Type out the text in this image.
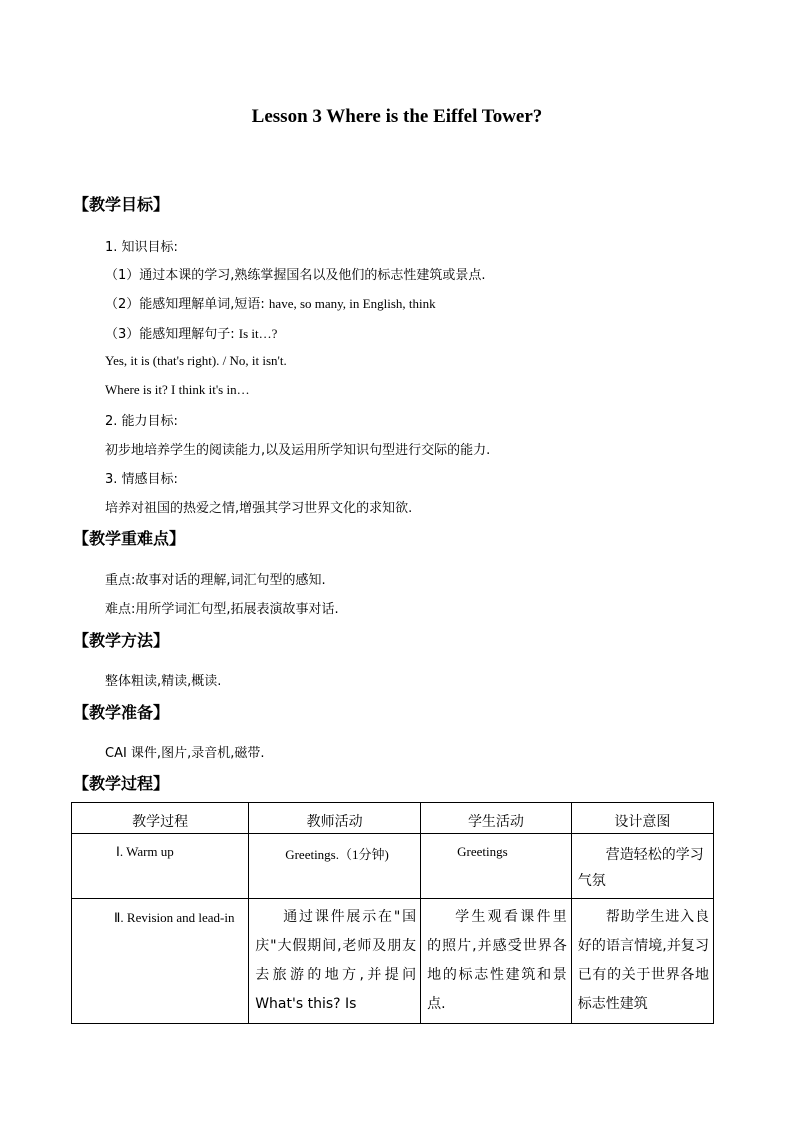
Lesson 3 Where is the Eiffel Tower?
【教学目标】
1. 知识目标:
（1）通过本课的学习,熟练掌握国名以及他们的标志性建筑或景点.
（2）能感知理解单词,短语: have, so many, in English, think
（3）能感知理解句子: Is it…?
Yes, it is (that's right). / No, it isn't.
Where is it? I think it's in…
2. 能力目标:
初步地培养学生的阅读能力,以及运用所学知识句型进行交际的能力.
3. 情感目标:
培养对祖国的热爱之情,增强其学习世界文化的求知欲.
【教学重难点】
重点:故事对话的理解,词汇句型的感知.
难点:用所学词汇句型,拓展表演故事对话.
【教学方法】
整体粗读,精读,概读.
【教学准备】
CAI 课件,图片,录音机,磁带.
【教学过程】
教学过程	教师活动	学生活动	设计意图
Ⅰ. Warm up	Greetings.（1分钟)	Greetings	营造轻松的学习气氛
Ⅱ. Revision and lead-in	通过课件展示在"国庆"大假期间,老师及朋友去旅游的地方,并提问 What's this? Is	学生观看课件里的照片,并感受世界各地的标志性建筑和景点.	帮助学生进入良好的语言情境,并复习已有的关于世界各地标志性建筑
